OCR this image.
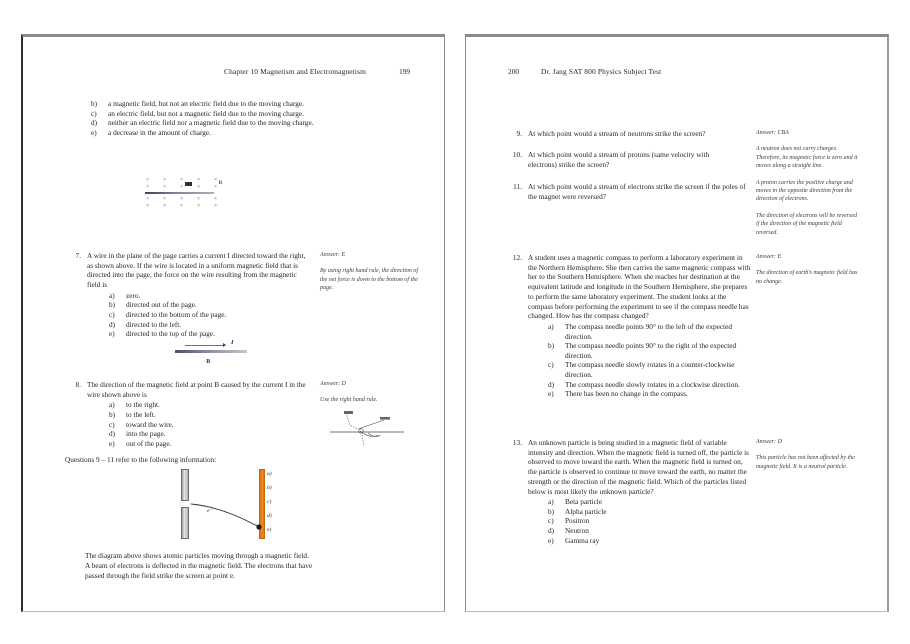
Chapter 10 Magnetism and Electromagnetism	199
b)	a magnetic field, but not an electric field due to the moving charge.
c)	an electric field, but not a magnetic field due to the moving charge.
d)	neither an electric field nor a magnetic field due to the moving charge.
e)	a decrease in the amount of charge.
×	×	×	×	×
×	×	×	×	×
B
×	×	×	×	×
×	×	×	×	×
7. A wire in the plane of the page carries a current I directed toward the right, as shown above. If the wire is located in a uniform magnetic field that is directed into the page, the force on the wire resulting from the magnetic field is
a)	zero.
b)	directed out of the page.
c)	directed to the bottom of the page.
d)	directed to the left.
e)	directed to the top of the page.
Answer: E

By using right hand rule, the direction of the net force is down to the bottom of the page.

I
· B
8. The direction of the magnetic field at point B caused by the current I in the wire shown above is
a)	to the right.
b)	to the left.
c)	toward the wire.
d)	into the page.
e)	out of the page.
Answer: D

Use the right hand rule.

Questions 9 – 11 refer to the following information:
e⁻
a)
b)
c)
d)
e)
The diagram above shows atomic particles moving through a magnetic field. A beam of electrons is deflected in the magnetic field. The electrons that have passed through the field strike the screen at point e.
200	Dr. Jang SAT 800 Physics Subject Test
9. At which point would a stream of neutrons strike the screen?
10. At which point would a stream of protons (same velocity with electrons) strike the screen?
11. At which point would a stream of electrons strike the screen if the poles of the magnet were reversed?
Answer: CBA

A neutron does not carry charges. Therefore, its magnetic force is zero and it moves along a straight line.

A proton carries the positive charge and moves in the opposite direction from the direction of electrons.

The direction of electrons will be reversed if the direction of the magnetic field reversed.

12. A student uses a magnetic compass to perform a laboratory experiment in the Northern Hemisphere. She then carries the same magnetic compass with her to the Southern Hemisphere. When she reaches her destination at the equivalent latitude and longitude in the Southern Hemisphere, she prepares to perform the same laboratory experiment. The student looks at the compass before performing the experiment to see if the compass needle has changed. How has the compass changed?
a)	The compass needle points 90° to the left of the expected direction.
b)	The compass needle points 90° to the right of the expected direction.
c)	The compass needle slowly rotates in a counter-clockwise direction.
d)	The compass needle slowly rotates in a clockwise direction.
e)	There has been no change in the compass.
Answer: E

The direction of earth’s magnetic field has no change.

13. An unknown particle is being studied in a magnetic field of variable intensity and direction. When the magnetic field is turned off, the particle is observed to move toward the earth. When the magnetic field is turned on, the particle is observed to continue to move toward the earth, no matter the strength or the direction of the magnetic field. Which of the particles listed below is most likely the unknown particle?
a)	Beta particle
b)	Alpha particle
c)	Positron
d)	Neutron
e)	Gamma ray
Answer: D

This particle has not been affected by the magnetic field. It is a neutral particle.
